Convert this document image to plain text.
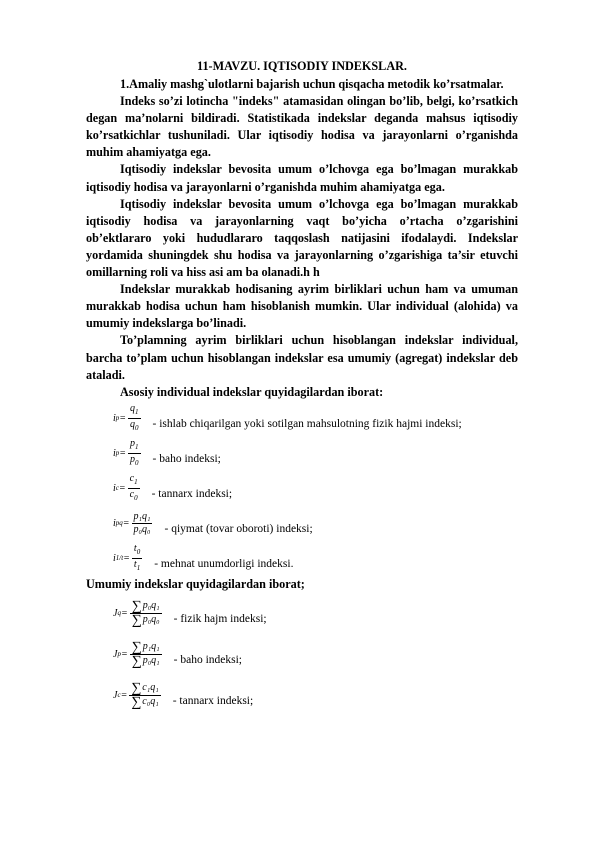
11-MAVZU. IQTISODIY INDEKSLAR.

1.Amaliy mashg`ulotlarni bajarish uchun qisqacha metodik ko’rsatmalar.

Indeks so’zi lotincha "indeks" atamasidan olingan bo’lib, belgi, ko’rsatkich degan ma’nolarni bildiradi. Statistikada indekslar deganda mahsus iqtisodiy ko’rsatkichlar tushuniladi. Ular iqtisodiy hodisa va jarayonlarni o’rganishda muhim ahamiyatga ega.

Iqtisodiy indekslar bevosita umum o’lchovga ega bo’lmagan murakkab iqtisodiy hodisa va jarayonlarni o’rganishda muhim ahamiyatga ega.

Iqtisodiy indekslar bevosita umum o’lchovga ega bo’lmagan murakkab iqtisodiy hodisa va jarayonlarning vaqt bo’yicha o’rtacha o’zgarishini ob’ektlararo yoki hududlararo taqqoslash natijasini ifodalaydi. Indekslar yordamida shuningdek shu hodisa va jarayonlarning o’zgarishiga ta’sir etuvchi omillarning roli va hiss asi am ba olanadi.h h

Indekslar murakkab hodisaning ayrim birliklari uchun ham va umuman murakkab hodisa uchun ham hisoblanish mumkin. Ular individual (alohida) va umumiy indekslarga bo’linadi.

To’plamning ayrim birliklari uchun hisoblangan indekslar individual, barcha to’plam uchun hisoblangan indekslar esa umumiy (agregat) indekslar deb ataladi.

Asosiy individual indekslar quyidagilardan iborat:

i $p = \frac{q_1}{q_0}$ - ishlab chiqarilgan yoki sotilgan mahsulotning fizik hajmi indeksi;
i $p = \frac{p_1}{p_0}$ - baho indeksi;
i $c = \frac{c_1}{c_0}$ - tannarx indeksi;
i pq = $\frac{\text{p₁q₁}}{\text{p₀q₀}}$ - qiymat (tovar oboroti) indeksi;
i $1/t = \frac{t_0}{t_1}$ - mehnat unumdorligi indeksi.

Umumiy indekslar quyidagilardan iborat;

J $q = \frac{\text{∑p₀q₁}}{\text{∑p₀q₀}}$ - fizik hajm indeksi;
J $p = \frac{\text{∑p₁q₁}}{\text{∑p₀q₁}}$ - baho indeksi;
J $c = \frac{\text{∑c₁q₁}}{\text{∑c₀q₁}}$ - tannarx indeksi;
